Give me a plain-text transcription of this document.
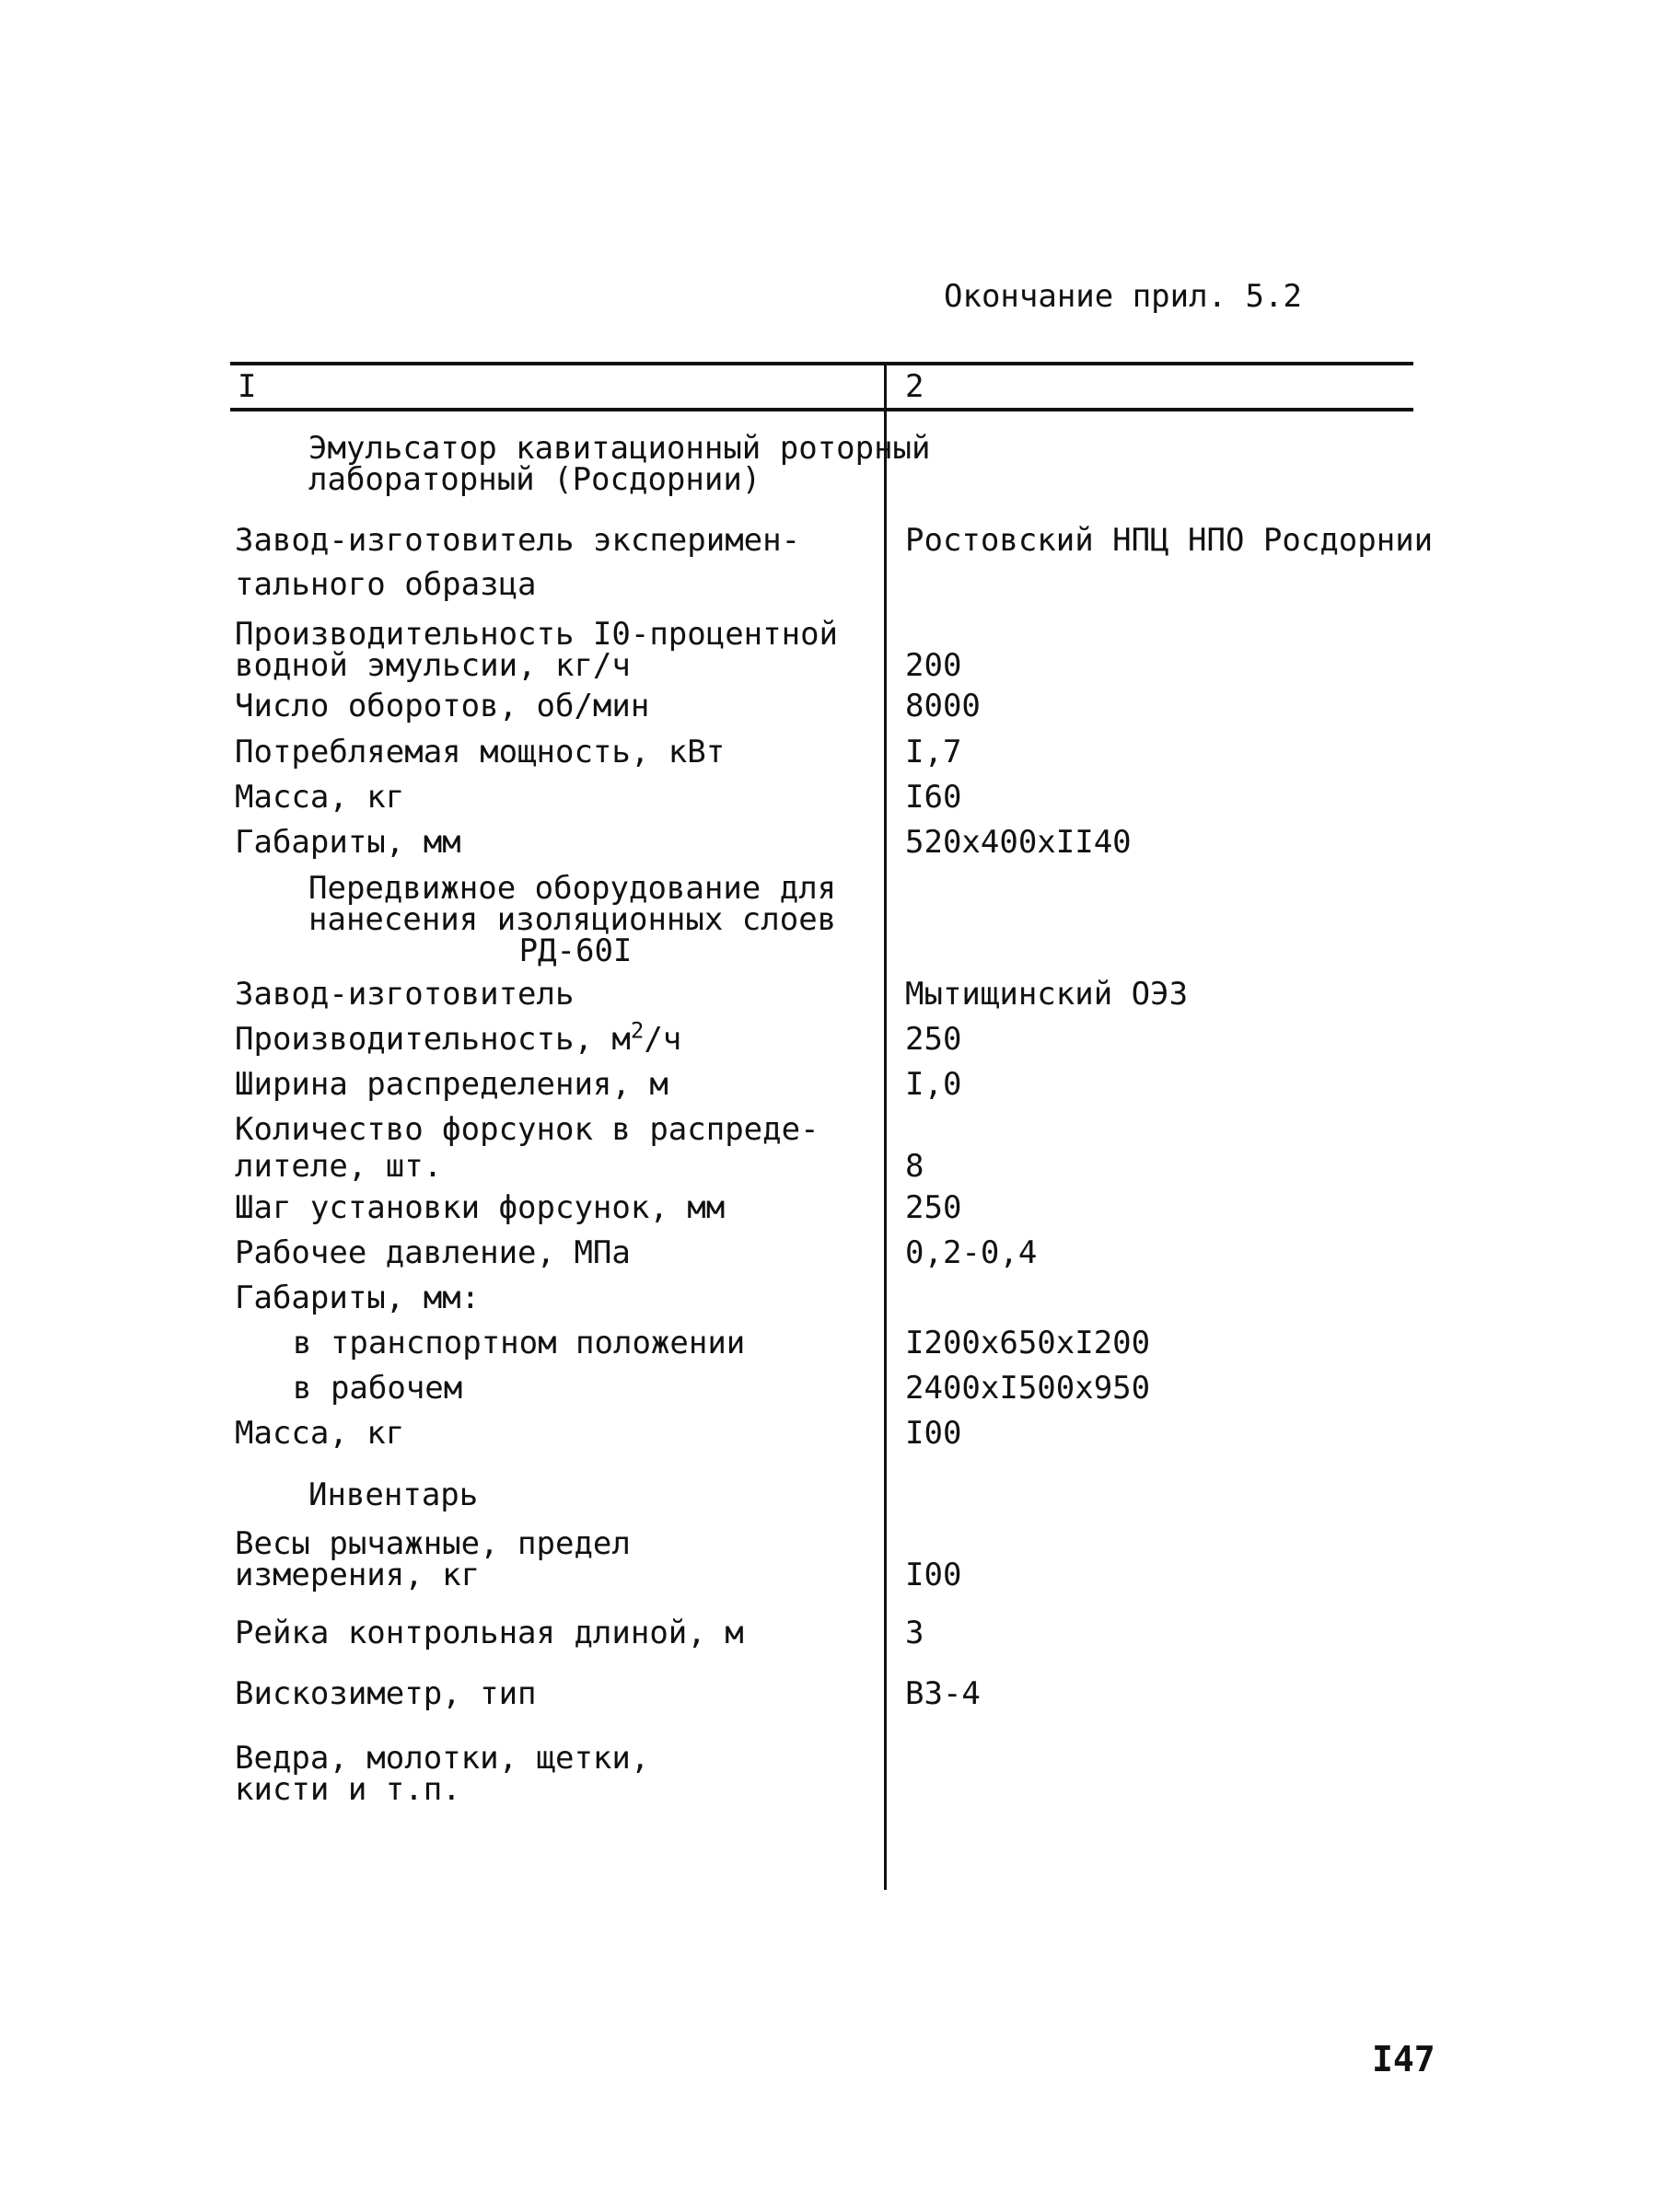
Окончание прил. 5.2
I	2
Эмульсатор кавитационный роторный
лабораторный (Росдорнии)
Завод-изготовитель эксперимен-
тального образца
Ростовский НПЦ НПО Росдорнии
Производительность I0-процентной
водной эмульсии, кг/ч	200
Число оборотов, об/мин	8000
Потребляемая мощность, кВт	I,7
Масса, кг	I60
Габариты, мм	520x400xII40
Передвижное оборудование для
нанесения изоляционных слоев
РД-60I
Завод-изготовитель	Мытищинский ОЭЗ
Производительность, $м^2/ч$	250
Ширина распределения, м	I,0
Количество форсунок в распреде-
лителе, шт.	8
Шаг установки форсунок, мм	250
Рабочее давление, МПа	0,2-0,4
Габариты, мм:
в транспортном положении	I200x650xI200
в рабочем	2400xI500x950
Масса, кг	I00
Инвентарь
Весы рычажные, предел
измерения, кг	I00
Рейка контрольная длиной, м	3
Вискозиметр, тип	ВЗ-4
Ведра, молотки, щетки,
кисти и т.п.
I47
